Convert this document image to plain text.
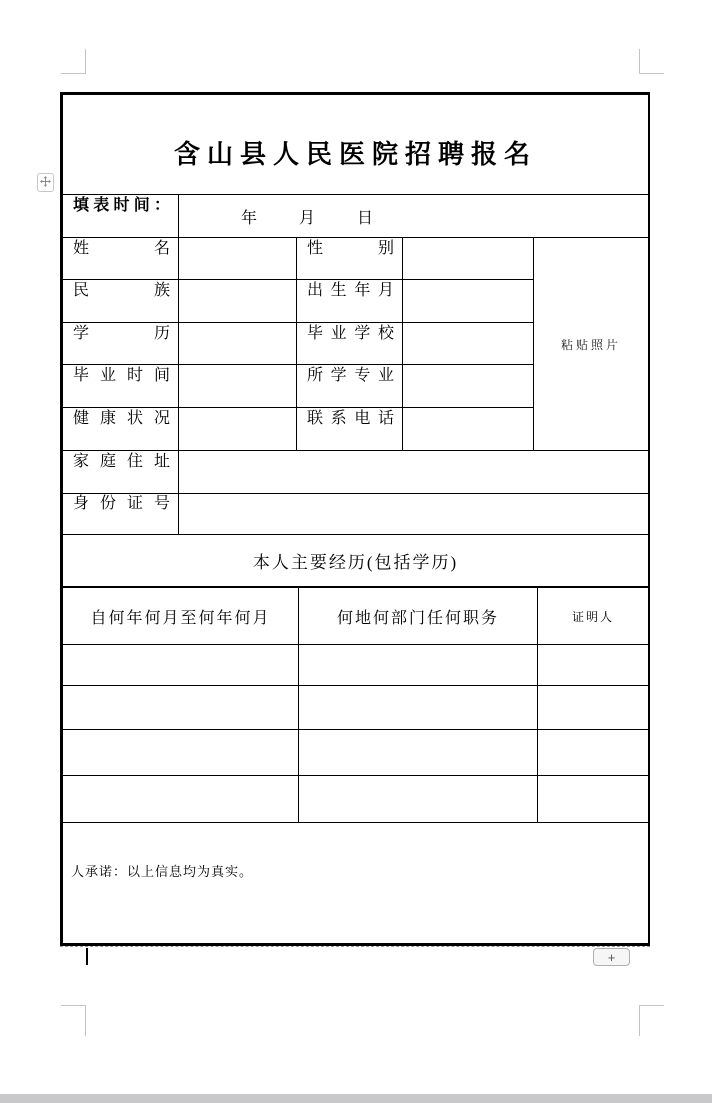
含山县人民医院招聘报名				

填表时间：	年 月 日			

姓名		性别		粘贴照片

民族		出生年月		

学历		毕业学校		

毕业时间		所学专业		

健康状况		联系电话		

家庭住址				

身份证号				

本人主要经历(包括学历)				
自何年何月至何年何月	何地何部门任何职务	证明人

人承诺：以上信息均为真实。		
+
